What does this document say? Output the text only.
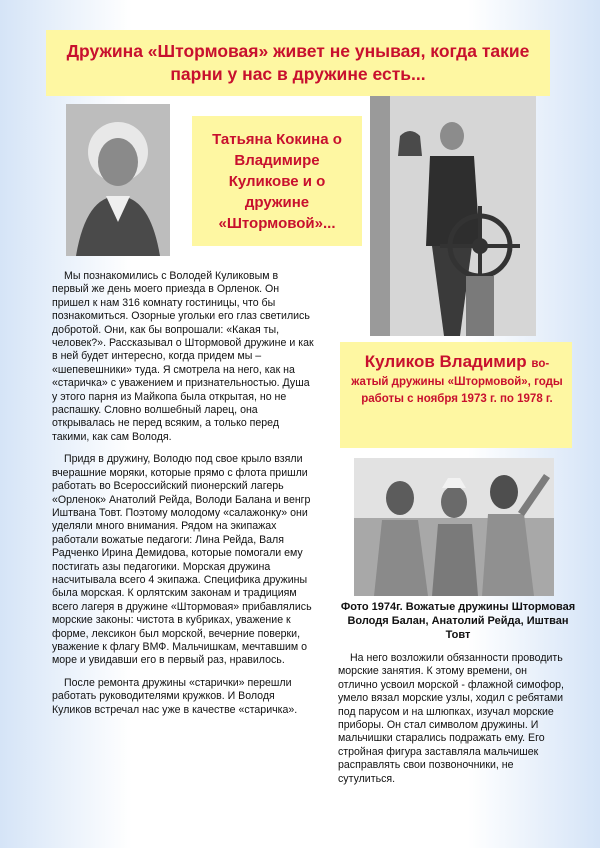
Дружина «Штормовая» живет не унывая, когда такие парни у нас в дружине есть...
Татьяна Кокина о Владимире Куликове и о дружине «Штормовой»...

Мы познакомились с Володей Куликовым в первый же день моего приезда в Орленок. Он пришел к нам 316 комнату гостиницы, что бы познакомиться. Озорные угольки его глаз светились добротой. Они, как бы вопрошали: «Какая ты, человек?». Рассказывал о Штормовой дружине и как в ней будет интересно, когда придем мы – «шепевешники» туда. Я смотрела на него, как на «старичка» с уважением и признательностью. Душа у этого парня из Майкопа была открытая, но не распашку. Словно волшебный ларец, она открывалась не перед всяким, а только перед такими, как сам Володя.

Придя в дружину, Володю под свое крыло взяли вчерашние моряки, которые прямо с флота пришли работать во Всероссийский пионерский лагерь «Орленок» Анатолий Рейда, Володи Балана и венгр Иштвана Товт. Поэтому молодому «салажонку» они уделяли много внимания. Рядом на экипажах работали вожатые педагоги: Лина Рейда, Валя Радченко Ирина Демидова, которые помогали ему постигать азы педагогики. Морская дружина насчитывала всего 4 экипажа. Специфика дружины была морская. К орлятским законам и традициям всего лагеря в дружине «Штормовая» прибавлялись морские законы: чистота в кубриках, уважение к форме, лексикон был морской, вечерние поверки, уважение к флагу ВМФ. Мальчишкам, мечтавшим о море и увидавши его в первый раз, нравилось.

После ремонта дружины «старички» перешли работать руководителями кружков. И Володя Куликов встречал нас уже в качестве «старичка».

Куликов Владимир во-
жатый дружины «Штормовой», годы работы с ноября 1973 г. по 1978 г.
Фото 1974г. Вожатые дружины Штормовая Володя Балан, Анатолий Рейда, Иштван Товт

На него возложили обязанности проводить морские занятия. К этому времени, он отлично усвоил морской - флажной симофор, умело вязал морские узлы, ходил с ребятами под парусом и на шлюпках, изучал морские приборы. Он стал символом дружины. И мальчишки старались подражать ему. Его стройная фигура заставляла мальчишек расправлять свои позвоночники, не сутулиться.
